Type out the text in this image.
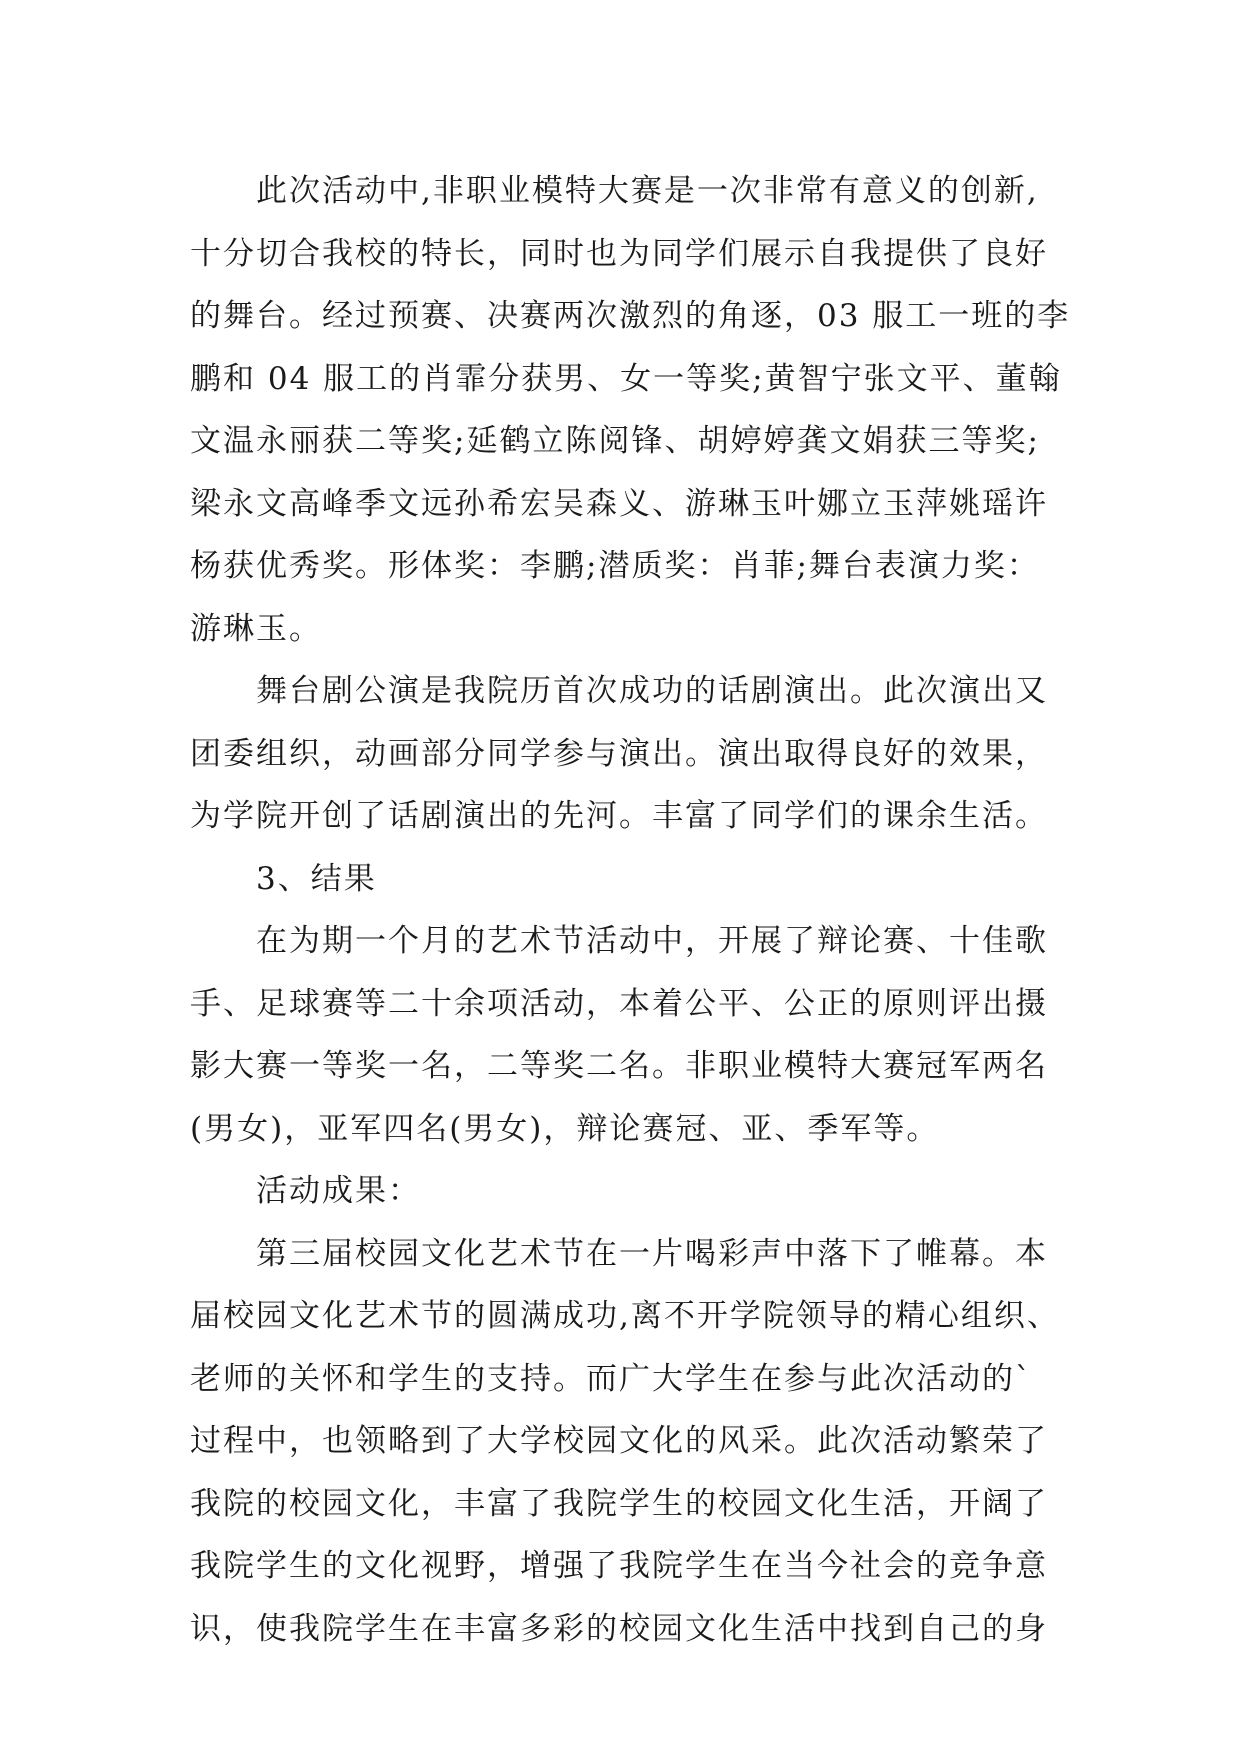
　　此次活动中,非职业模特大赛是一次非常有意义的创新,
十分切合我校的特长，同时也为同学们展示自我提供了良好
的舞台。经过预赛、决赛两次激烈的角逐，03 服工一班的李
鹏和 04 服工的肖霏分获男、女一等奖;黄智宁张文平、董翰
文温永丽获二等奖;延鹤立陈阅锋、胡婷婷龚文娟获三等奖;
梁永文高峰季文远孙希宏吴森义、游琳玉叶娜立玉萍姚瑶许
杨获优秀奖。形体奖：李鹏;潜质奖：肖菲;舞台表演力奖：
游琳玉。
　　舞台剧公演是我院历首次成功的话剧演出。此次演出又
团委组织，动画部分同学参与演出。演出取得良好的效果，
为学院开创了话剧演出的先河。丰富了同学们的课余生活。
　　3、结果
　　在为期一个月的艺术节活动中，开展了辩论赛、十佳歌
手、足球赛等二十余项活动，本着公平、公正的原则评出摄
影大赛一等奖一名，二等奖二名。非职业模特大赛冠军两名
(男女)，亚军四名(男女)，辩论赛冠、亚、季军等。
　　活动成果：
　　第三届校园文化艺术节在一片喝彩声中落下了帷幕。本
届校园文化艺术节的圆满成功,离不开学院领导的精心组织、
老师的关怀和学生的支持。而广大学生在参与此次活动的`
过程中，也领略到了大学校园文化的风采。此次活动繁荣了
我院的校园文化，丰富了我院学生的校园文化生活，开阔了
我院学生的文化视野，增强了我院学生在当今社会的竞争意
识，使我院学生在丰富多彩的校园文化生活中找到自己的身
